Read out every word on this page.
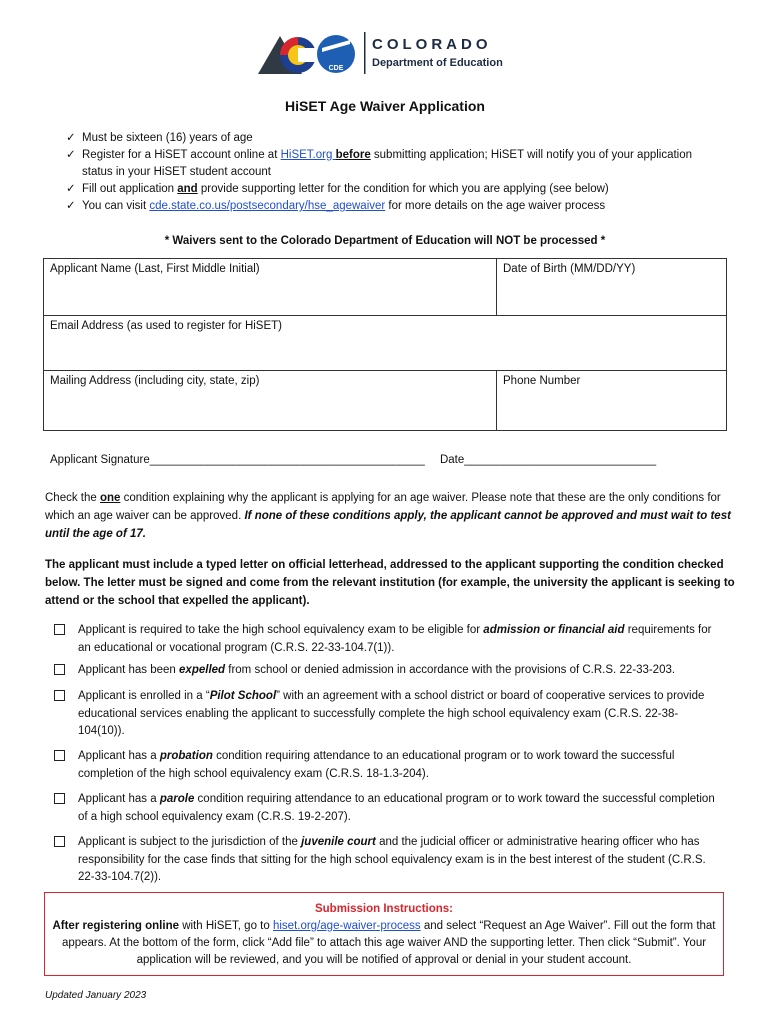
CDE
COLORADO
Department of Education
HiSET Age Waiver Application
✓ Must be sixteen (16) years of age
✓ Register for a HiSET account online at HiSET.org before submitting application; HiSET will notify you of your application status in your HiSET student account
✓ Fill out application and provide supporting letter for the condition for which you are applying (see below)
✓ You can visit cde.state.co.us/postsecondary/hse_agewaiver for more details on the age waiver process
* Waivers sent to the Colorado Department of Education will NOT be processed *
Applicant Name (Last, First Middle Initial)	Date of Birth (MM/DD/YY)
Email Address (as used to register for HiSET)	
Mailing Address (including city, state, zip)	Phone Number
Applicant Signature___________________________________________ Date______________________________
Check the one condition explaining why the applicant is applying for an age waiver. Please note that these are the only conditions for which an age waiver can be approved. If none of these conditions apply, the applicant cannot be approved and must wait to test until the age of 17.
The applicant must include a typed letter on official letterhead, addressed to the applicant supporting the condition checked below. The letter must be signed and come from the relevant institution (for example, the university the applicant is seeking to attend or the school that expelled the applicant).
Applicant is required to take the high school equivalency exam to be eligible for admission or financial aid requirements for an educational or vocational program (C.R.S. 22-33-104.7(1)).
Applicant has been expelled from school or denied admission in accordance with the provisions of C.R.S. 22-33-203.
Applicant is enrolled in a “Pilot School” with an agreement with a school district or board of cooperative services to provide educational services enabling the applicant to successfully complete the high school equivalency exam (C.R.S. 22-38-104(10)).
Applicant has a probation condition requiring attendance to an educational program or to work toward the successful completion of the high school equivalency exam (C.R.S. 18-1.3-204).
Applicant has a parole condition requiring attendance to an educational program or to work toward the successful completion of a high school equivalency exam (C.R.S. 19-2-207).
Applicant is subject to the jurisdiction of the juvenile court and the judicial officer or administrative hearing officer who has responsibility for the case finds that sitting for the high school equivalency exam is in the best interest of the student (C.R.S. 22-33-104.7(2)).
Submission Instructions:
After registering online with HiSET, go to hiset.org/age-waiver-process and select “Request an Age Waiver”. Fill out the form that appears. At the bottom of the form, click “Add file” to attach this age waiver AND the supporting letter. Then click “Submit”. Your application will be reviewed, and you will be notified of approval or denial in your student account.
Updated January 2023
